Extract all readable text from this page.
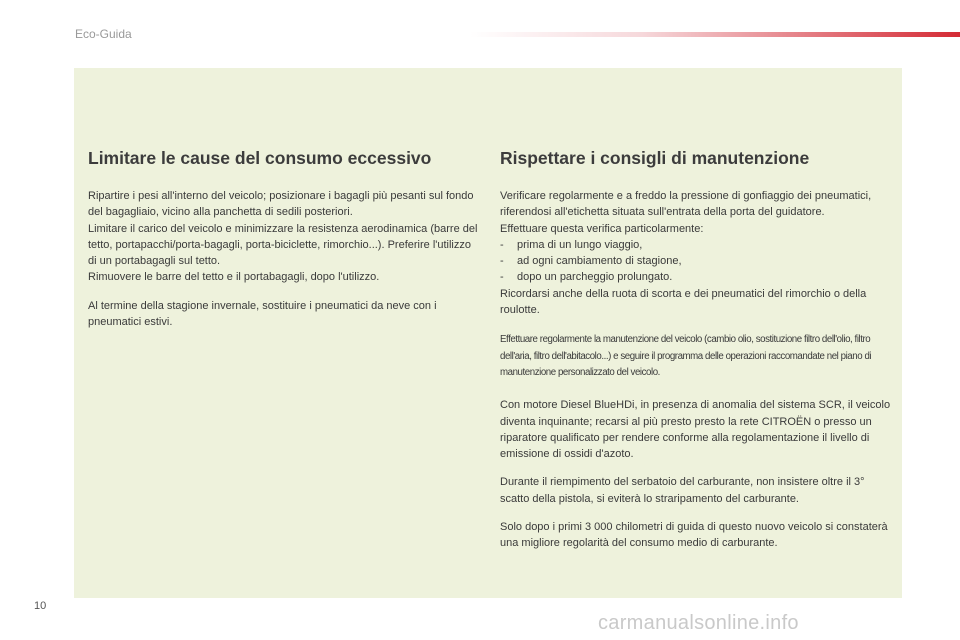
Eco-Guida
Limitare le cause del consumo eccessivo

Ripartire i pesi all'interno del veicolo; posizionare i bagagli più pesanti sul fondo del bagagliaio, vicino alla panchetta di sedili posteriori.

Limitare il carico del veicolo e minimizzare la resistenza aerodinamica (barre del tetto, portapacchi/porta-bagagli, porta-biciclette, rimorchio...). Preferire l'utilizzo di un portabagagli sul tetto.

Rimuovere le barre del tetto e il portabagagli, dopo l'utilizzo.

Al termine della stagione invernale, sostituire i pneumatici da neve con i pneumatici estivi.

Rispettare i consigli di manutenzione

Verificare regolarmente e a freddo la pressione di gonfiaggio dei pneumatici, riferendosi all'etichetta situata sull'entrata della porta del guidatore.

Effettuare questa verifica particolarmente:

- prima di un lungo viaggio,
- ad ogni cambiamento di stagione,
- dopo un parcheggio prolungato.

Ricordarsi anche della ruota di scorta e dei pneumatici del rimorchio o della roulotte.

Effettuare regolarmente la manutenzione del veicolo (cambio olio, sostituzione filtro dell'olio, filtro dell'aria, filtro dell'abitacolo...) e seguire il programma delle operazioni raccomandate nel piano di manutenzione personalizzato del veicolo.

Con motore Diesel BlueHDi, in presenza di anomalia del sistema SCR, il veicolo diventa inquinante; recarsi al più presto presto la rete CITROËN o presso un riparatore qualificato per rendere conforme alla regolamentazione il livello di emissione di ossidi d'azoto.

Durante il riempimento del serbatoio del carburante, non insistere oltre il 3° scatto della pistola, si eviterà lo straripamento del carburante.

Solo dopo i primi 3 000 chilometri di guida di questo nuovo veicolo si constaterà una migliore regolarità del consumo medio di carburante.

10
carmanualsonline.info
